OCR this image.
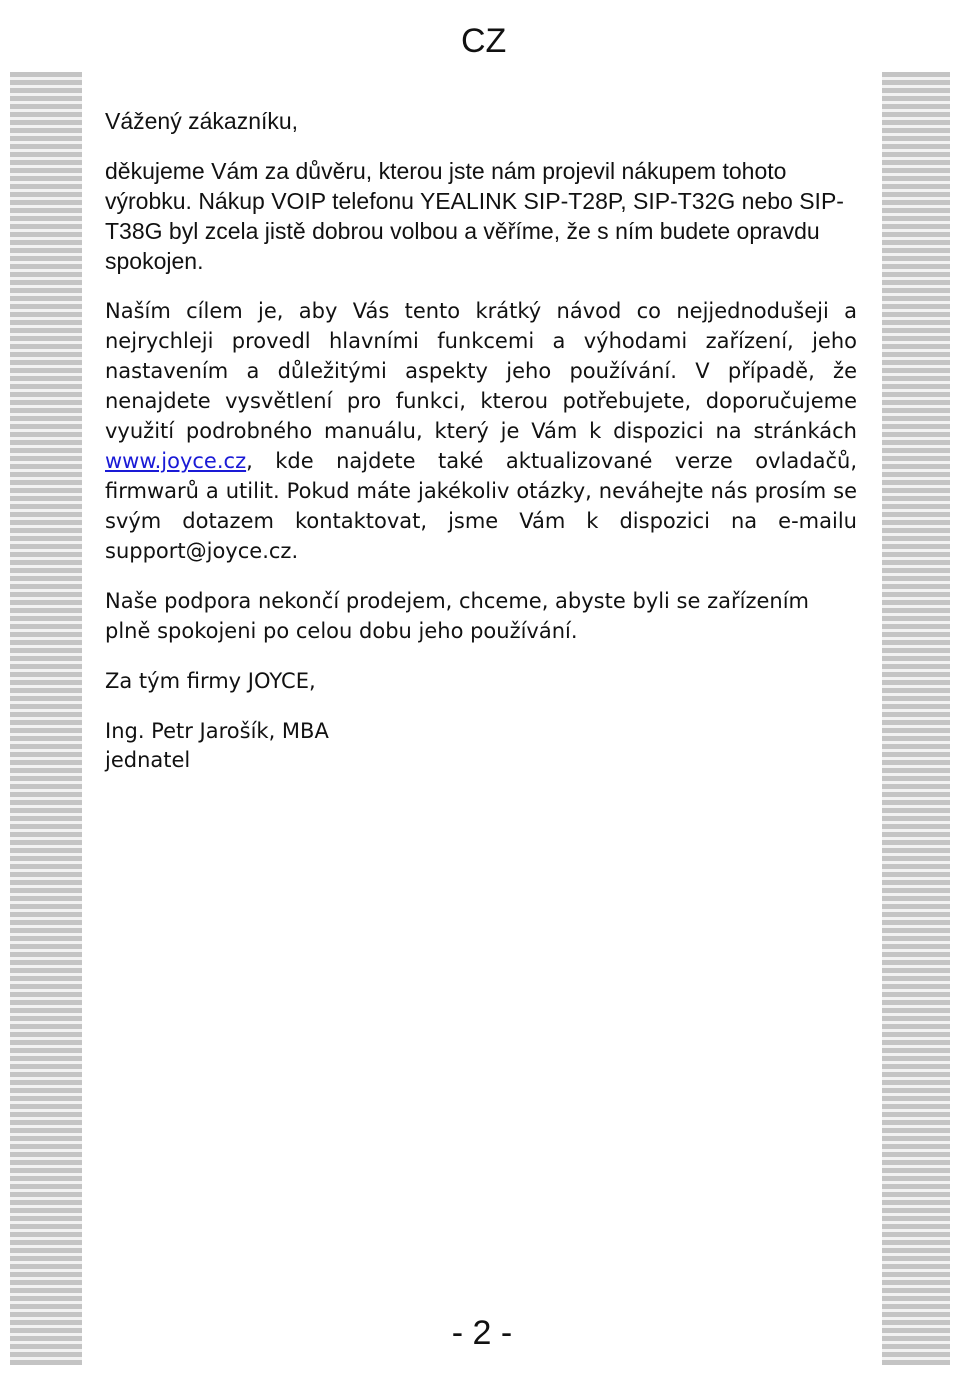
CZ

Vážený zákazníku,

děkujeme Vám za důvěru, kterou jste nám projevil nákupem tohoto výrobku. Nákup VOIP telefonu YEALINK SIP-T28P, SIP-T32G nebo SIP-T38G byl zcela jistě dobrou volbou a věříme, že s ním budete opravdu spokojen.

Naším cílem je, aby Vás tento krátký návod co nejjednodušeji a nejrychleji provedl hlavními funkcemi a výhodami zařízení, jeho nastavením a důležitými aspekty jeho používání. V případě, že nenajdete vysvětlení pro funkci, kterou potřebujete, doporučujeme využití podrobného manuálu, který je Vám k dispozici na stránkách www.joyce.cz, kde najdete také aktualizované verze ovladačů, firmwarů a utilit. Pokud máte jakékoliv otázky, neváhejte nás prosím se svým dotazem kontaktovat, jsme Vám k dispozici na e-mailu support@joyce.cz.

Naše podpora nekončí prodejem, chceme, abyste byli se zařízením plně spokojeni po celou dobu jeho používání.

Za tým firmy JOYCE,

Ing. Petr Jarošík, MBA

jednatel

- 2 -
